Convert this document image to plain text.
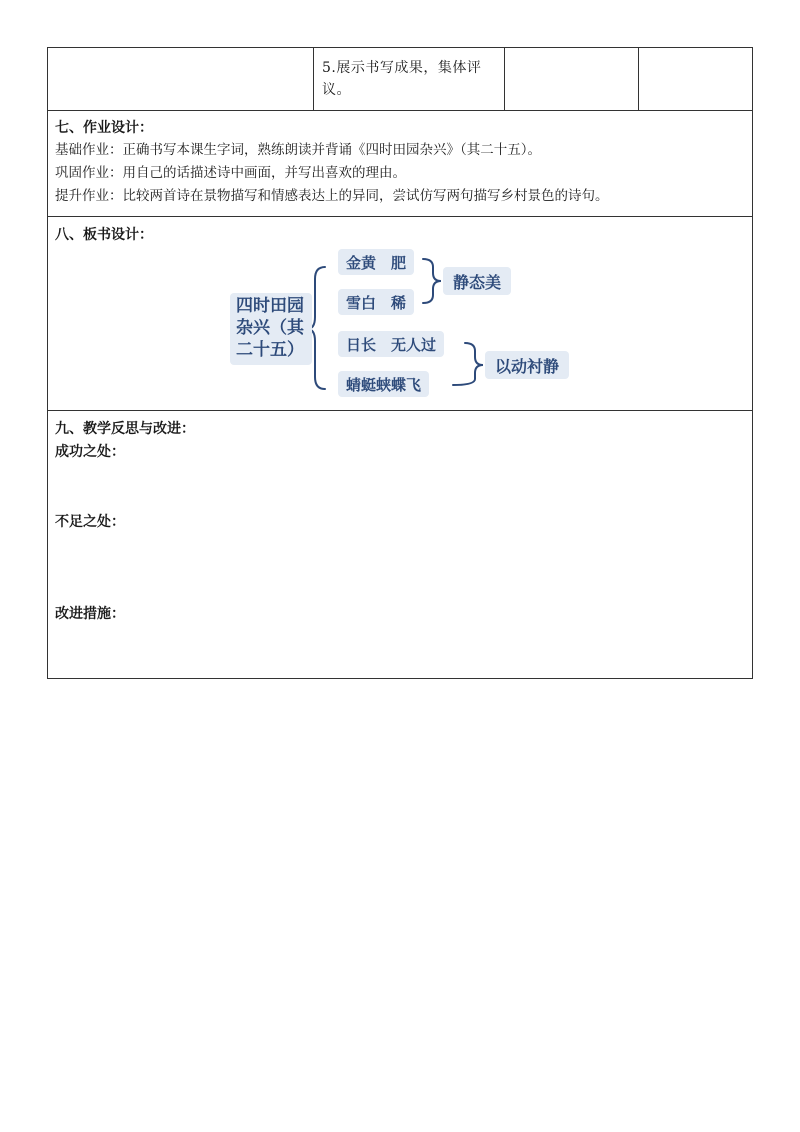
5.展示书写成果，集体评议。
七、作业设计：
基础作业：正确书写本课生字词，熟练朗读并背诵《四时田园杂兴》（其二十五）。
巩固作业：用自己的话描述诗中画面，并写出喜欢的理由。
提升作业：比较两首诗在景物描写和情感表达上的异同，尝试仿写两句描写乡村景色的诗句。
八、板书设计：
九、教学反思与改进：
成功之处：
不足之处：
改进措施：
四时田园杂兴（其二十五）
金黄　肥
雪白　稀
日长　无人过
蜻蜓蛱蝶飞
静态美
以动衬静
